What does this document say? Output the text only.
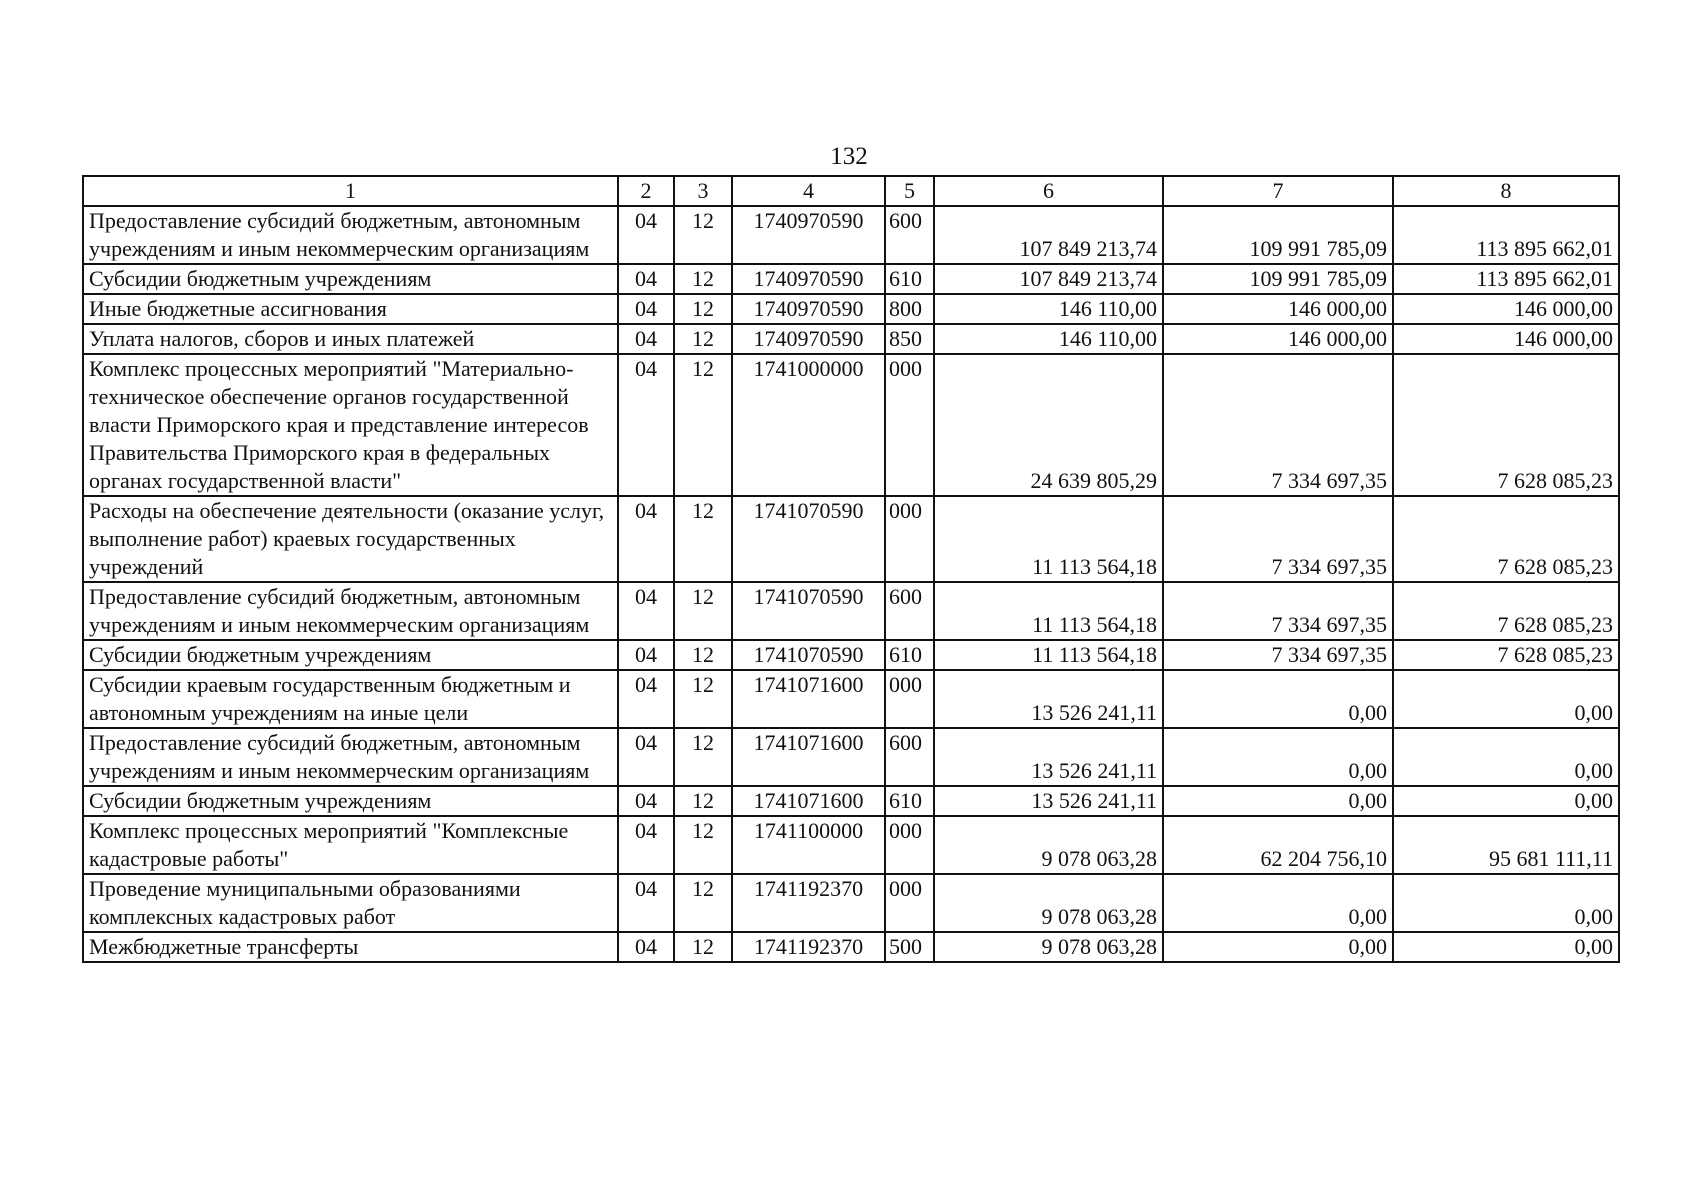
132
1	2	3	4	5	6	7	8
Предоставление субсидий бюджетным, автономным учреждениям и иным некоммерческим организациям	04	12	1740970590	600	107 849 213,74	109 991 785,09	113 895 662,01
Субсидии бюджетным учреждениям	04	12	1740970590	610	107 849 213,74	109 991 785,09	113 895 662,01
Иные бюджетные ассигнования	04	12	1740970590	800	146 110,00	146 000,00	146 000,00
Уплата налогов, сборов и иных платежей	04	12	1740970590	850	146 110,00	146 000,00	146 000,00
Комплекс процессных мероприятий "Материально-техническое обеспечение органов государственной власти Приморского края и представление интересов Правительства Приморского края в федеральных органах государственной власти"	04	12	1741000000	000	24 639 805,29	7 334 697,35	7 628 085,23
Расходы на обеспечение деятельности (оказание услуг, выполнение работ) краевых государственных учреждений	04	12	1741070590	000	11 113 564,18	7 334 697,35	7 628 085,23
Предоставление субсидий бюджетным, автономным учреждениям и иным некоммерческим организациям	04	12	1741070590	600	11 113 564,18	7 334 697,35	7 628 085,23
Субсидии бюджетным учреждениям	04	12	1741070590	610	11 113 564,18	7 334 697,35	7 628 085,23
Субсидии краевым государственным бюджетным и автономным учреждениям на иные цели	04	12	1741071600	000	13 526 241,11	0,00	0,00
Предоставление субсидий бюджетным, автономным учреждениям и иным некоммерческим организациям	04	12	1741071600	600	13 526 241,11	0,00	0,00
Субсидии бюджетным учреждениям	04	12	1741071600	610	13 526 241,11	0,00	0,00
Комплекс процессных мероприятий "Комплексные кадастровые работы"	04	12	1741100000	000	9 078 063,28	62 204 756,10	95 681 111,11
Проведение муниципальными образованиями комплексных кадастровых работ	04	12	1741192370	000	9 078 063,28	0,00	0,00
Межбюджетные трансферты	04	12	1741192370	500	9 078 063,28	0,00	0,00
